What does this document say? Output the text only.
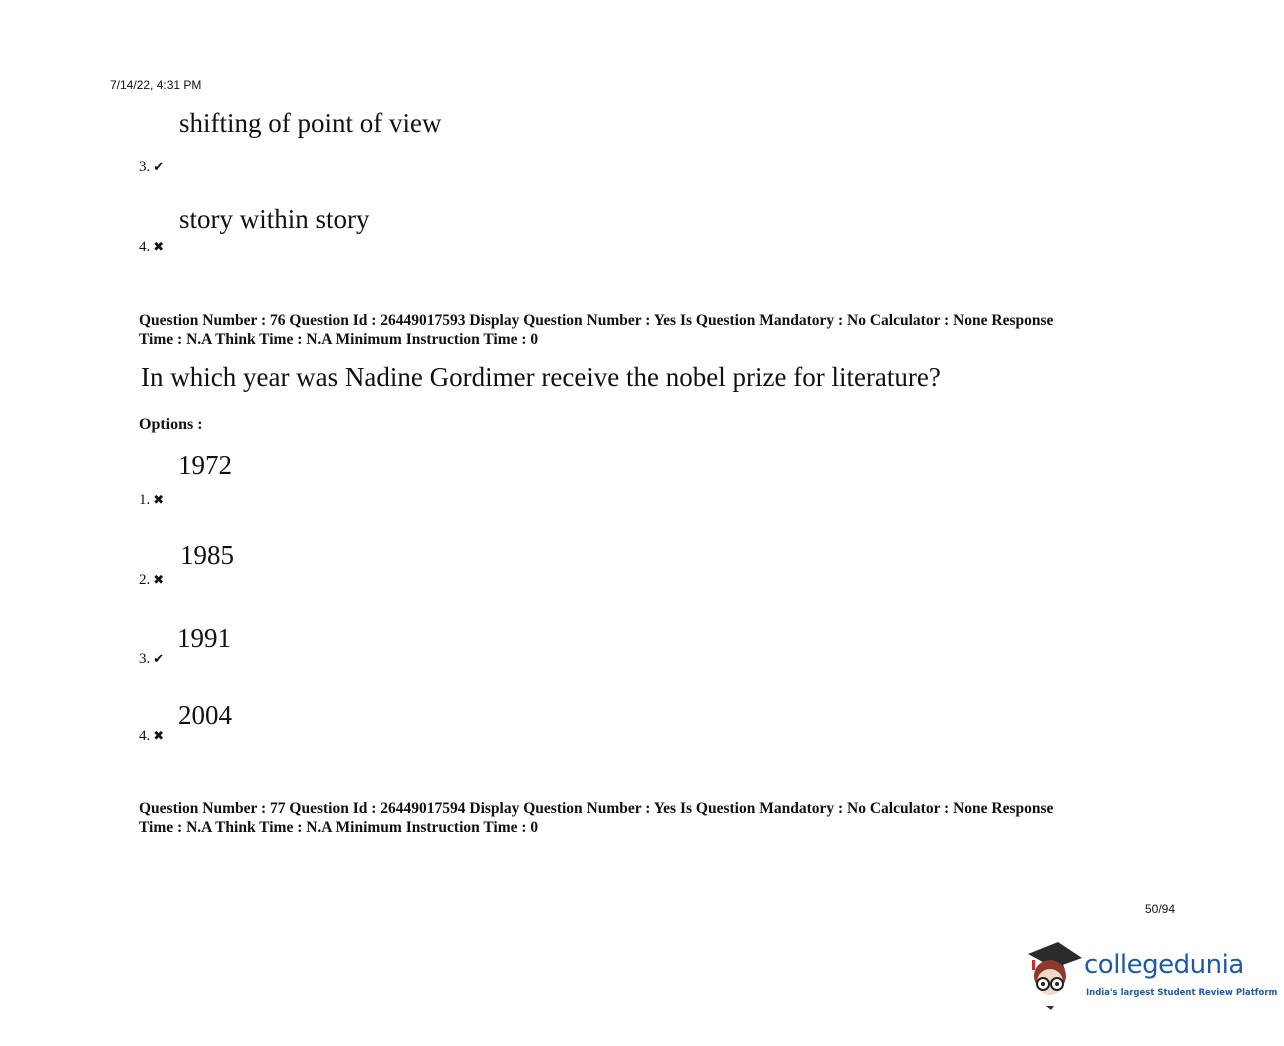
7/14/22, 4:31 PM
shifting of point of view
3. ✔
story within story
4. ✖
Question Number : 76 Question Id : 26449017593 Display Question Number : Yes Is Question Mandatory : No Calculator : None Response
Time : N.A Think Time : N.A Minimum Instruction Time : 0
In which year was Nadine Gordimer receive the nobel prize for literature?
Options :
1972
1. ✖
1985
2. ✖
1991
3. ✔
2004
4. ✖
Question Number : 77 Question Id : 26449017594 Display Question Number : Yes Is Question Mandatory : No Calculator : None Response
Time : N.A Think Time : N.A Minimum Instruction Time : 0
50/94
collegedunia
India's largest Student Review Platform
